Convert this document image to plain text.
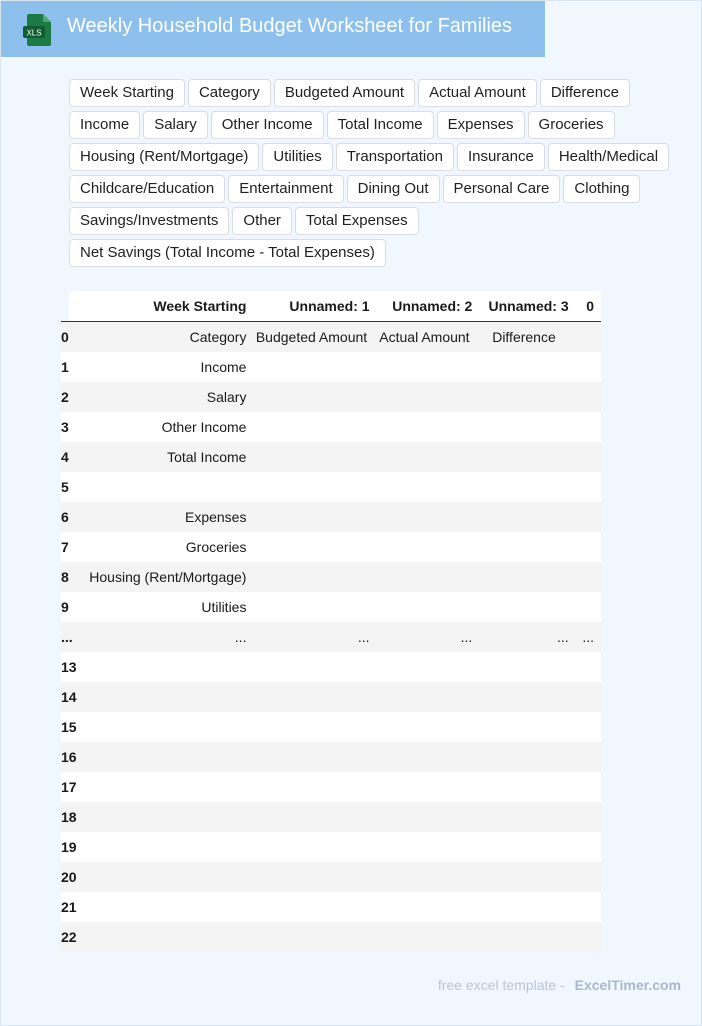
XLS Weekly Household Budget Worksheet for Families
Week Starting	Category	Budgeted Amount	Actual Amount	Difference
Income	Salary	Other Income	Total Income	Expenses	Groceries
Housing (Rent/Mortgage)	Utilities	Transportation	Insurance	Health/Medical
Childcare/Education	Entertainment	Dining Out	Personal Care	Clothing
Savings/Investments	Other	Total Expenses
Net Savings (Total Income - Total Expenses)
	Week Starting	Unnamed: 1	Unnamed: 2	Unnamed: 3	0
0	Category	Budgeted Amount	Actual Amount	Difference	
1	Income				
2	Salary				
3	Other Income				
4	Total Income				
5					
6	Expenses				
7	Groceries				
8	Housing (Rent/Mortgage)				
9	Utilities				
...	...	...	...	...	...
13					
14					
15					
16					
17					
18					
19					
20					
21					
22					
free excel template - ExcelTimer.com
